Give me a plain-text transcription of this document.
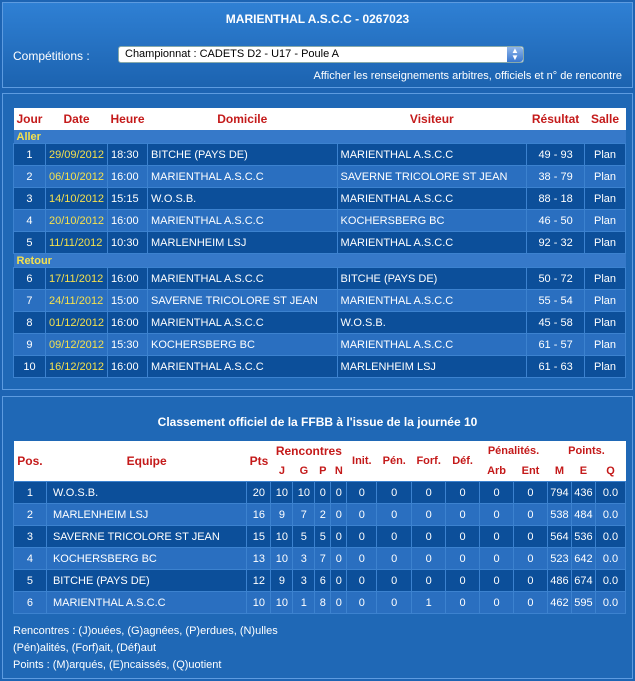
MARIENTHAL A.S.C.C - 0267023
Compétitions :	Championnat : CADETS D2 - U17 - Poule A	▲
▼
Afficher les renseignements arbitres, officiels et n° de rencontre
Jour	Date	Heure	Domicile	Visiteur	Résultat	Salle
Aller						
1	29/09/2012	18:30	BITCHE (PAYS DE)	MARIENTHAL A.S.C.C	49 - 93	Plan
2	06/10/2012	16:00	MARIENTHAL A.S.C.C	SAVERNE TRICOLORE ST JEAN	38 - 79	Plan
3	14/10/2012	15:15	W.O.S.B.	MARIENTHAL A.S.C.C	88 - 18	Plan
4	20/10/2012	16:00	MARIENTHAL A.S.C.C	KOCHERSBERG BC	46 - 50	Plan
5	11/11/2012	10:30	MARLENHEIM LSJ	MARIENTHAL A.S.C.C	92 - 32	Plan
Retour						
6	17/11/2012	16:00	MARIENTHAL A.S.C.C	BITCHE (PAYS DE)	50 - 72	Plan
7	24/11/2012	15:00	SAVERNE TRICOLORE ST JEAN	MARIENTHAL A.S.C.C	55 - 54	Plan
8	01/12/2012	16:00	MARIENTHAL A.S.C.C	W.O.S.B.	45 - 58	Plan
9	09/12/2012	15:30	KOCHERSBERG BC	MARIENTHAL A.S.C.C	61 - 57	Plan
10	16/12/2012	16:00	MARIENTHAL A.S.C.C	MARLENHEIM LSJ	61 - 63	Plan
Classement officiel de la FFBB à l'issue de la journée 10
Pos.	Equipe	Pts	Rencontres				Init.	Pén.	Forf.	Déf.	Pénalités.		Points.		
			J	G	P	N					Arb	Ent	M	E	Q
1	W.O.S.B.	20	10	10	0	0	0	0	0	0	0	0	794	436	0.0
2	MARLENHEIM LSJ	16	9	7	2	0	0	0	0	0	0	0	538	484	0.0
3	SAVERNE TRICOLORE ST JEAN	15	10	5	5	0	0	0	0	0	0	0	564	536	0.0
4	KOCHERSBERG BC	13	10	3	7	0	0	0	0	0	0	0	523	642	0.0
5	BITCHE (PAYS DE)	12	9	3	6	0	0	0	0	0	0	0	486	674	0.0
6	MARIENTHAL A.S.C.C	10	10	1	8	0	0	0	1	0	0	0	462	595	0.0
Rencontres : (J)ouées, (G)agnées, (P)erdues, (N)ulles
(Pén)alités, (Forf)ait, (Déf)aut
Points : (M)arqués, (E)ncaissés, (Q)uotient
